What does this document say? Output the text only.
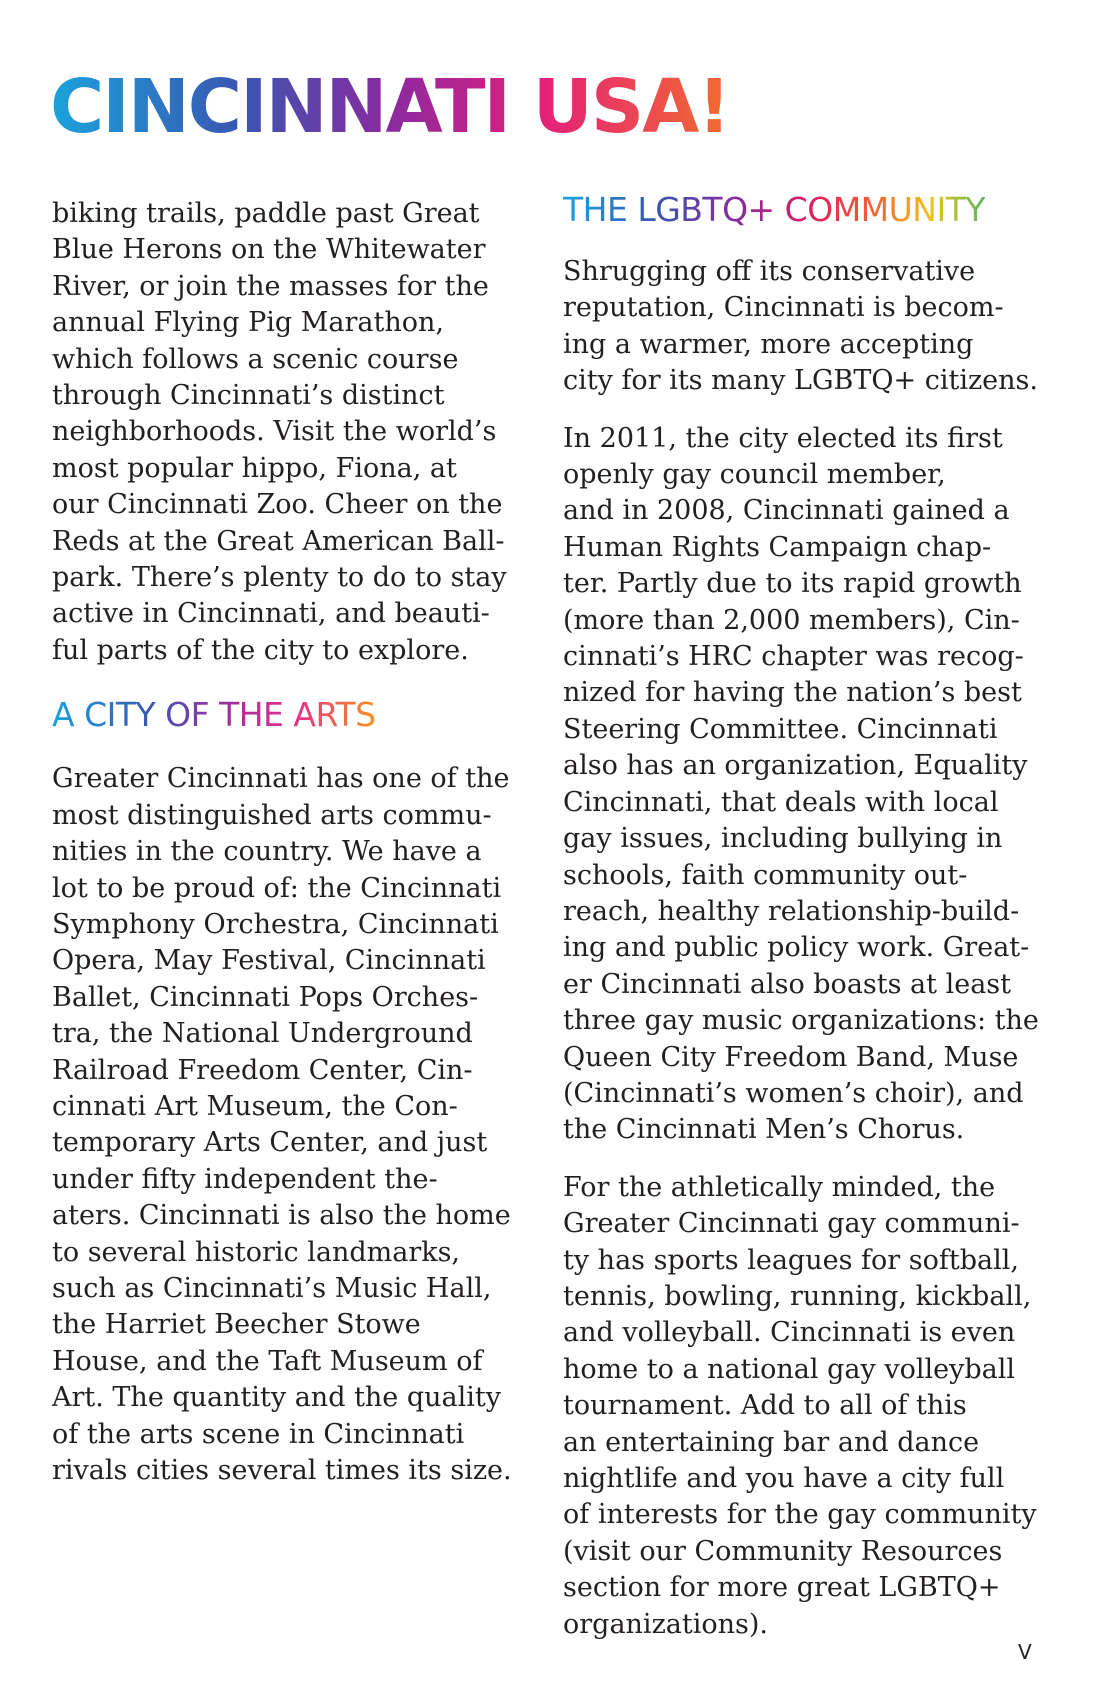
CINCINNATI USA!

biking trails, paddle past Great
Blue Herons on the Whitewater
River, or join the masses for the
annual Flying Pig Marathon,
which follows a scenic course
through Cincinnati’s distinct
neighborhoods. Visit the world’s
most popular hippo, Fiona, at
our Cincinnati Zoo. Cheer on the
Reds at the Great American Ball-
park. There’s plenty to do to stay
active in Cincinnati, and beauti-
ful parts of the city to explore.

A CITY OF THE ARTS

Greater Cincinnati has one of the
most distinguished arts commu-
nities in the country. We have a
lot to be proud of: the Cincinnati
Symphony Orchestra, Cincinnati
Opera, May Festival, Cincinnati
Ballet, Cincinnati Pops Orches-
tra, the National Underground
Railroad Freedom Center, Cin-
cinnati Art Museum, the Con-
temporary Arts Center, and just
under fifty independent the-
aters. Cincinnati is also the home
to several historic landmarks,
such as Cincinnati’s Music Hall,
the Harriet Beecher Stowe
House, and the Taft Museum of
Art. The quantity and the quality
of the arts scene in Cincinnati
rivals cities several times its size.

THE LGBTQ+ COMMUNITY

Shrugging off its conservative
reputation, Cincinnati is becom-
ing a warmer, more accepting
city for its many LGBTQ+ citizens.

In 2011, the city elected its first
openly gay council member,
and in 2008, Cincinnati gained a
Human Rights Campaign chap-
ter. Partly due to its rapid growth
(more than 2,000 members), Cin-
cinnati’s HRC chapter was recog-
nized for having the nation’s best
Steering Committee. Cincinnati
also has an organization, Equality
Cincinnati, that deals with local
gay issues, including bullying in
schools, faith community out-
reach, healthy relationship-build-
ing and public policy work. Great-
er Cincinnati also boasts at least
three gay music organizations: the
Queen City Freedom Band, Muse
(Cincinnati’s women’s choir), and
the Cincinnati Men’s Chorus.

For the athletically minded, the
Greater Cincinnati gay communi-
ty has sports leagues for softball,
tennis, bowling, running, kickball,
and volleyball. Cincinnati is even
home to a national gay volleyball
tournament. Add to all of this
an entertaining bar and dance
nightlife and you have a city full
of interests for the gay community
(visit our Community Resources
section for more great LGBTQ+
organizations).

V
